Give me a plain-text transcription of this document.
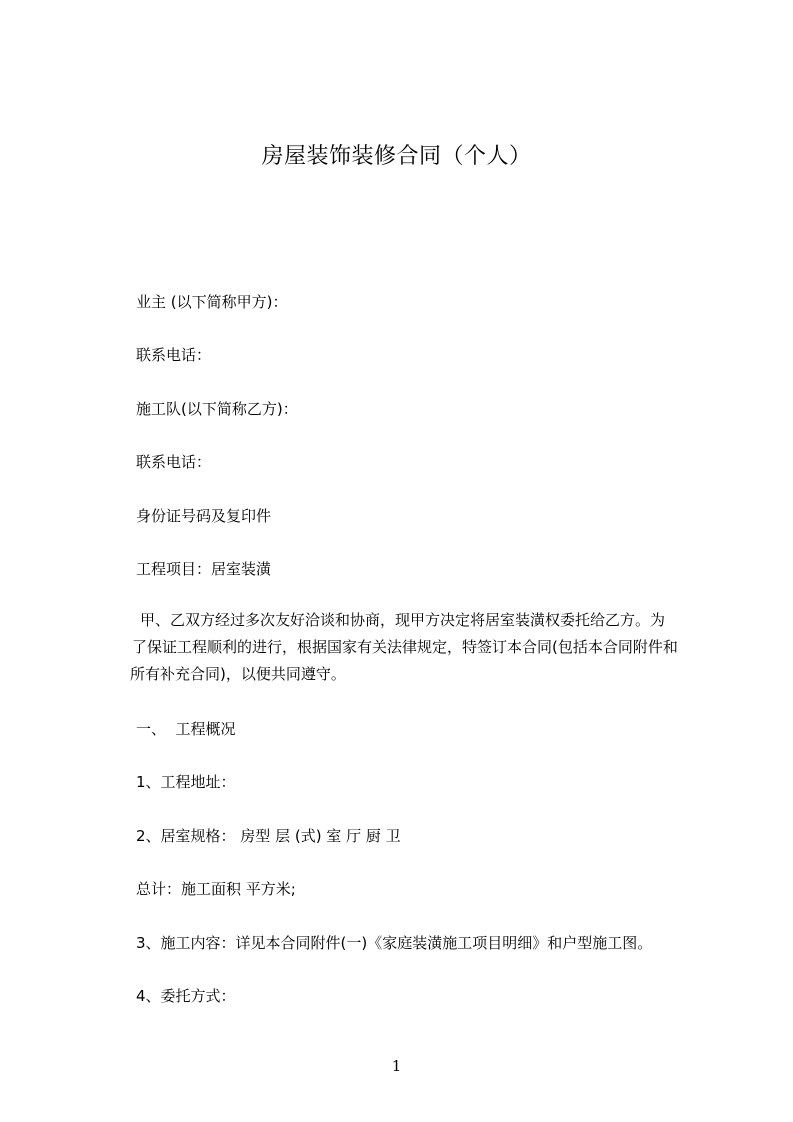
房屋装饰装修合同（个人）
业主 (以下简称甲方)：
联系电话：
施工队(以下简称乙方)：
联系电话：
身份证号码及复印件
工程项目：居室装潢
甲、乙双方经过多次友好洽谈和协商，现甲方决定将居室装潢权委托给乙方。为
了保证工程顺利的进行，根据国家有关法律规定，特签订本合同(包括本合同附件和
所有补充合同)，以便共同遵守。
一、  工程概况
1、工程地址：
2、居室规格： 房型 层 (式) 室 厅 厨 卫
总计：施工面积 平方米;
3、施工内容：详见本合同附件(一)《家庭装潢施工项目明细》和户型施工图。
4、委托方式：
1
